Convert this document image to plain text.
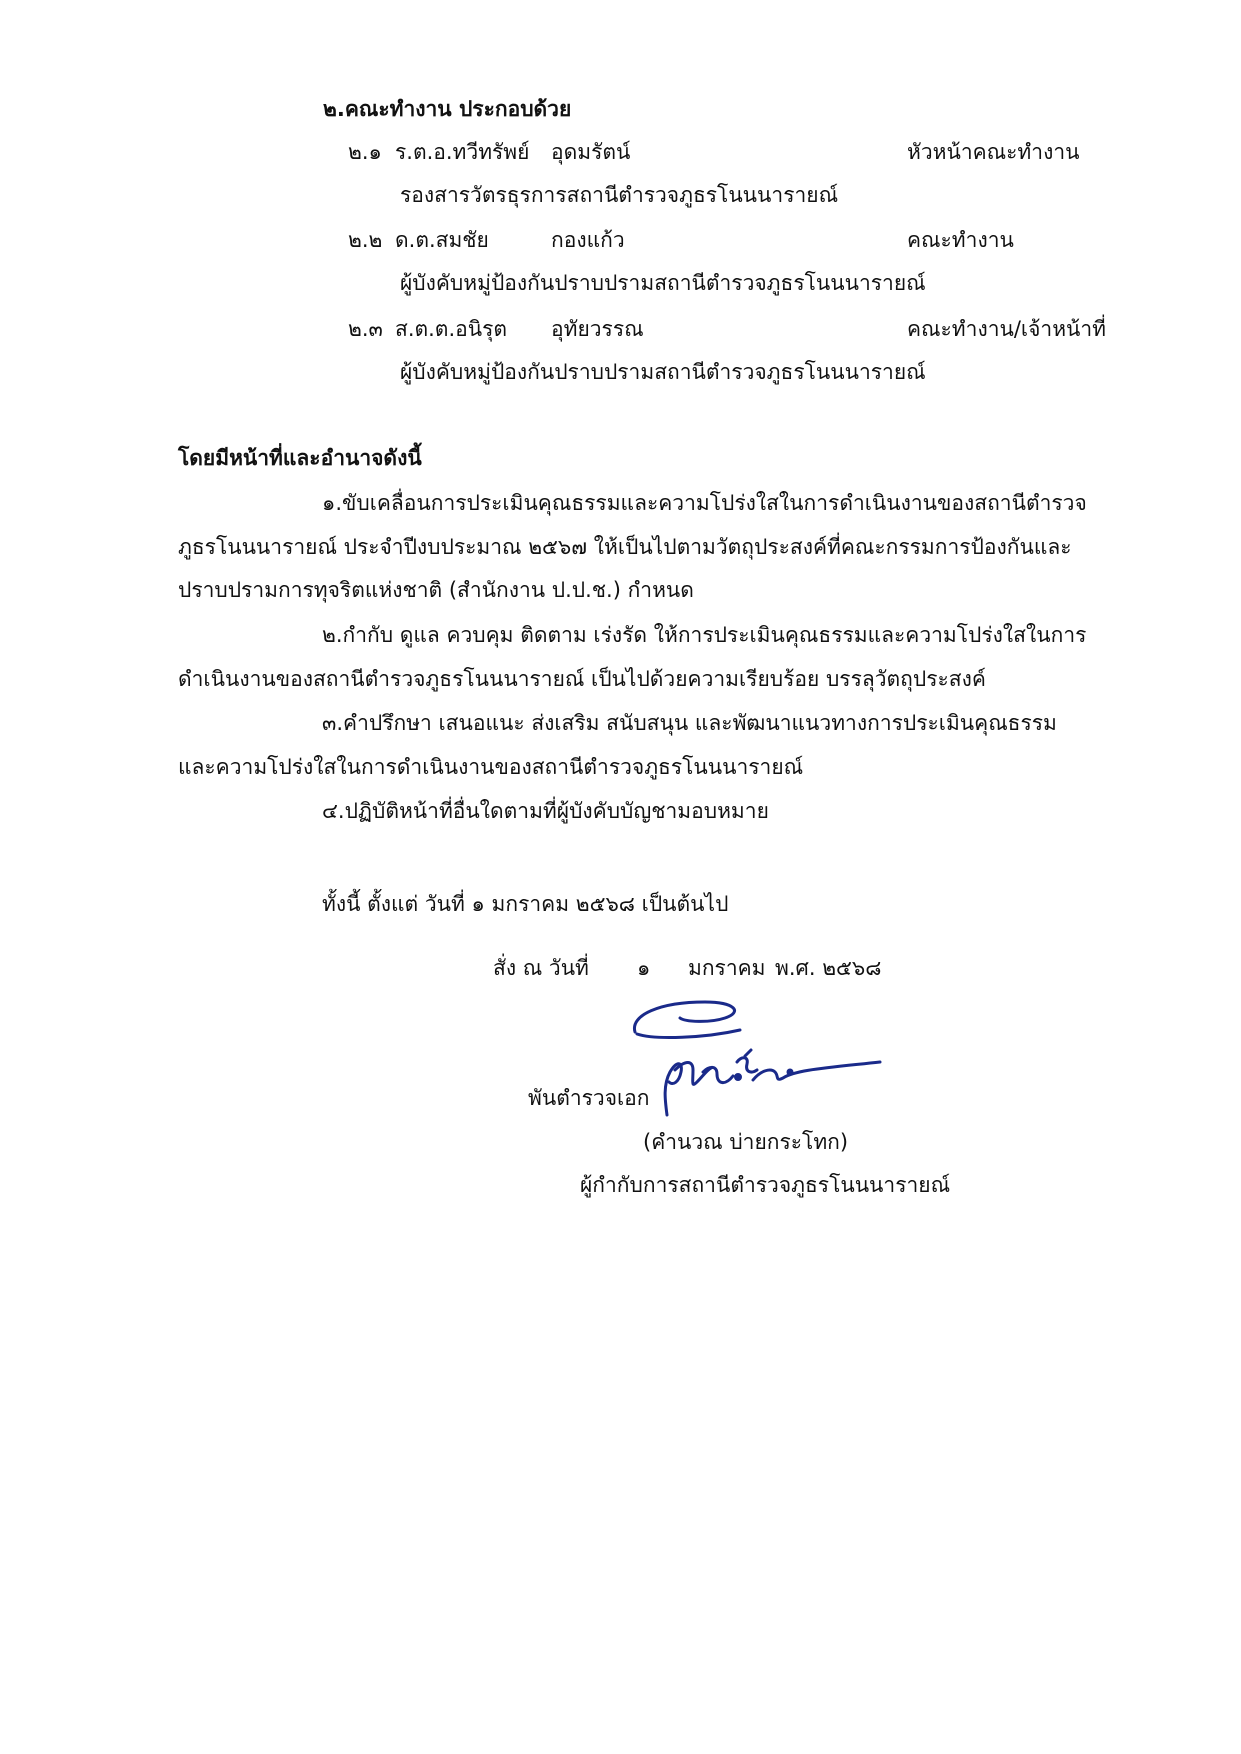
๒.คณะทำงาน ประกอบด้วย
๒.๑ ร.ต.อ.ทวีทรัพย์ อุดมรัตน์	หัวหน้าคณะทำงาน
รองสารวัตรธุรการสถานีตำรวจภูธรโนนนารายณ์
๒.๒ ด.ต.สมชัย	กองแก้ว	คณะทำงาน
ผู้บังคับหมู่ป้องกันปราบปรามสถานีตำรวจภูธรโนนนารายณ์
๒.๓ ส.ต.ต.อนิรุต อุทัยวรรณ	คณะทำงาน/เจ้าหน้าที่
ผู้บังคับหมู่ป้องกันปราบปรามสถานีตำรวจภูธรโนนนารายณ์
โดยมีหน้าที่และอำนาจดังนี้
๑.ขับเคลื่อนการประเมินคุณธรรมและความโปร่งใสในการดำเนินงานของสถานีตำรวจ
ภูธรโนนนารายณ์ ประจำปีงบประมาณ ๒๕๖๗ ให้เป็นไปตามวัตถุประสงค์ที่คณะกรรมการป้องกันและ
ปราบปรามการทุจริตแห่งชาติ (สำนักงาน ป.ป.ช.) กำหนด
๒.กำกับ ดูแล ควบคุม ติดตาม เร่งรัด ให้การประเมินคุณธรรมและความโปร่งใสในการ
ดำเนินงานของสถานีตำรวจภูธรโนนนารายณ์ เป็นไปด้วยความเรียบร้อย บรรลุวัตถุประสงค์
๓.คำปรึกษา เสนอแนะ ส่งเสริม สนับสนุน และพัฒนาแนวทางการประเมินคุณธรรม
และความโปร่งใสในการดำเนินงานของสถานีตำรวจภูธรโนนนารายณ์
๔.ปฏิบัติหน้าที่อื่นใดตามที่ผู้บังคับบัญชามอบหมาย
ทั้งนี้ ตั้งแต่ วันที่ ๑ มกราคม ๒๕๖๘ เป็นต้นไป
สั่ง ณ วันที่ ๑ มกราคม พ.ศ. ๒๕๖๘
พันตำรวจเอก
(คำนวณ บ่ายกระโทก)
ผู้กำกับการสถานีตำรวจภูธรโนนนารายณ์
